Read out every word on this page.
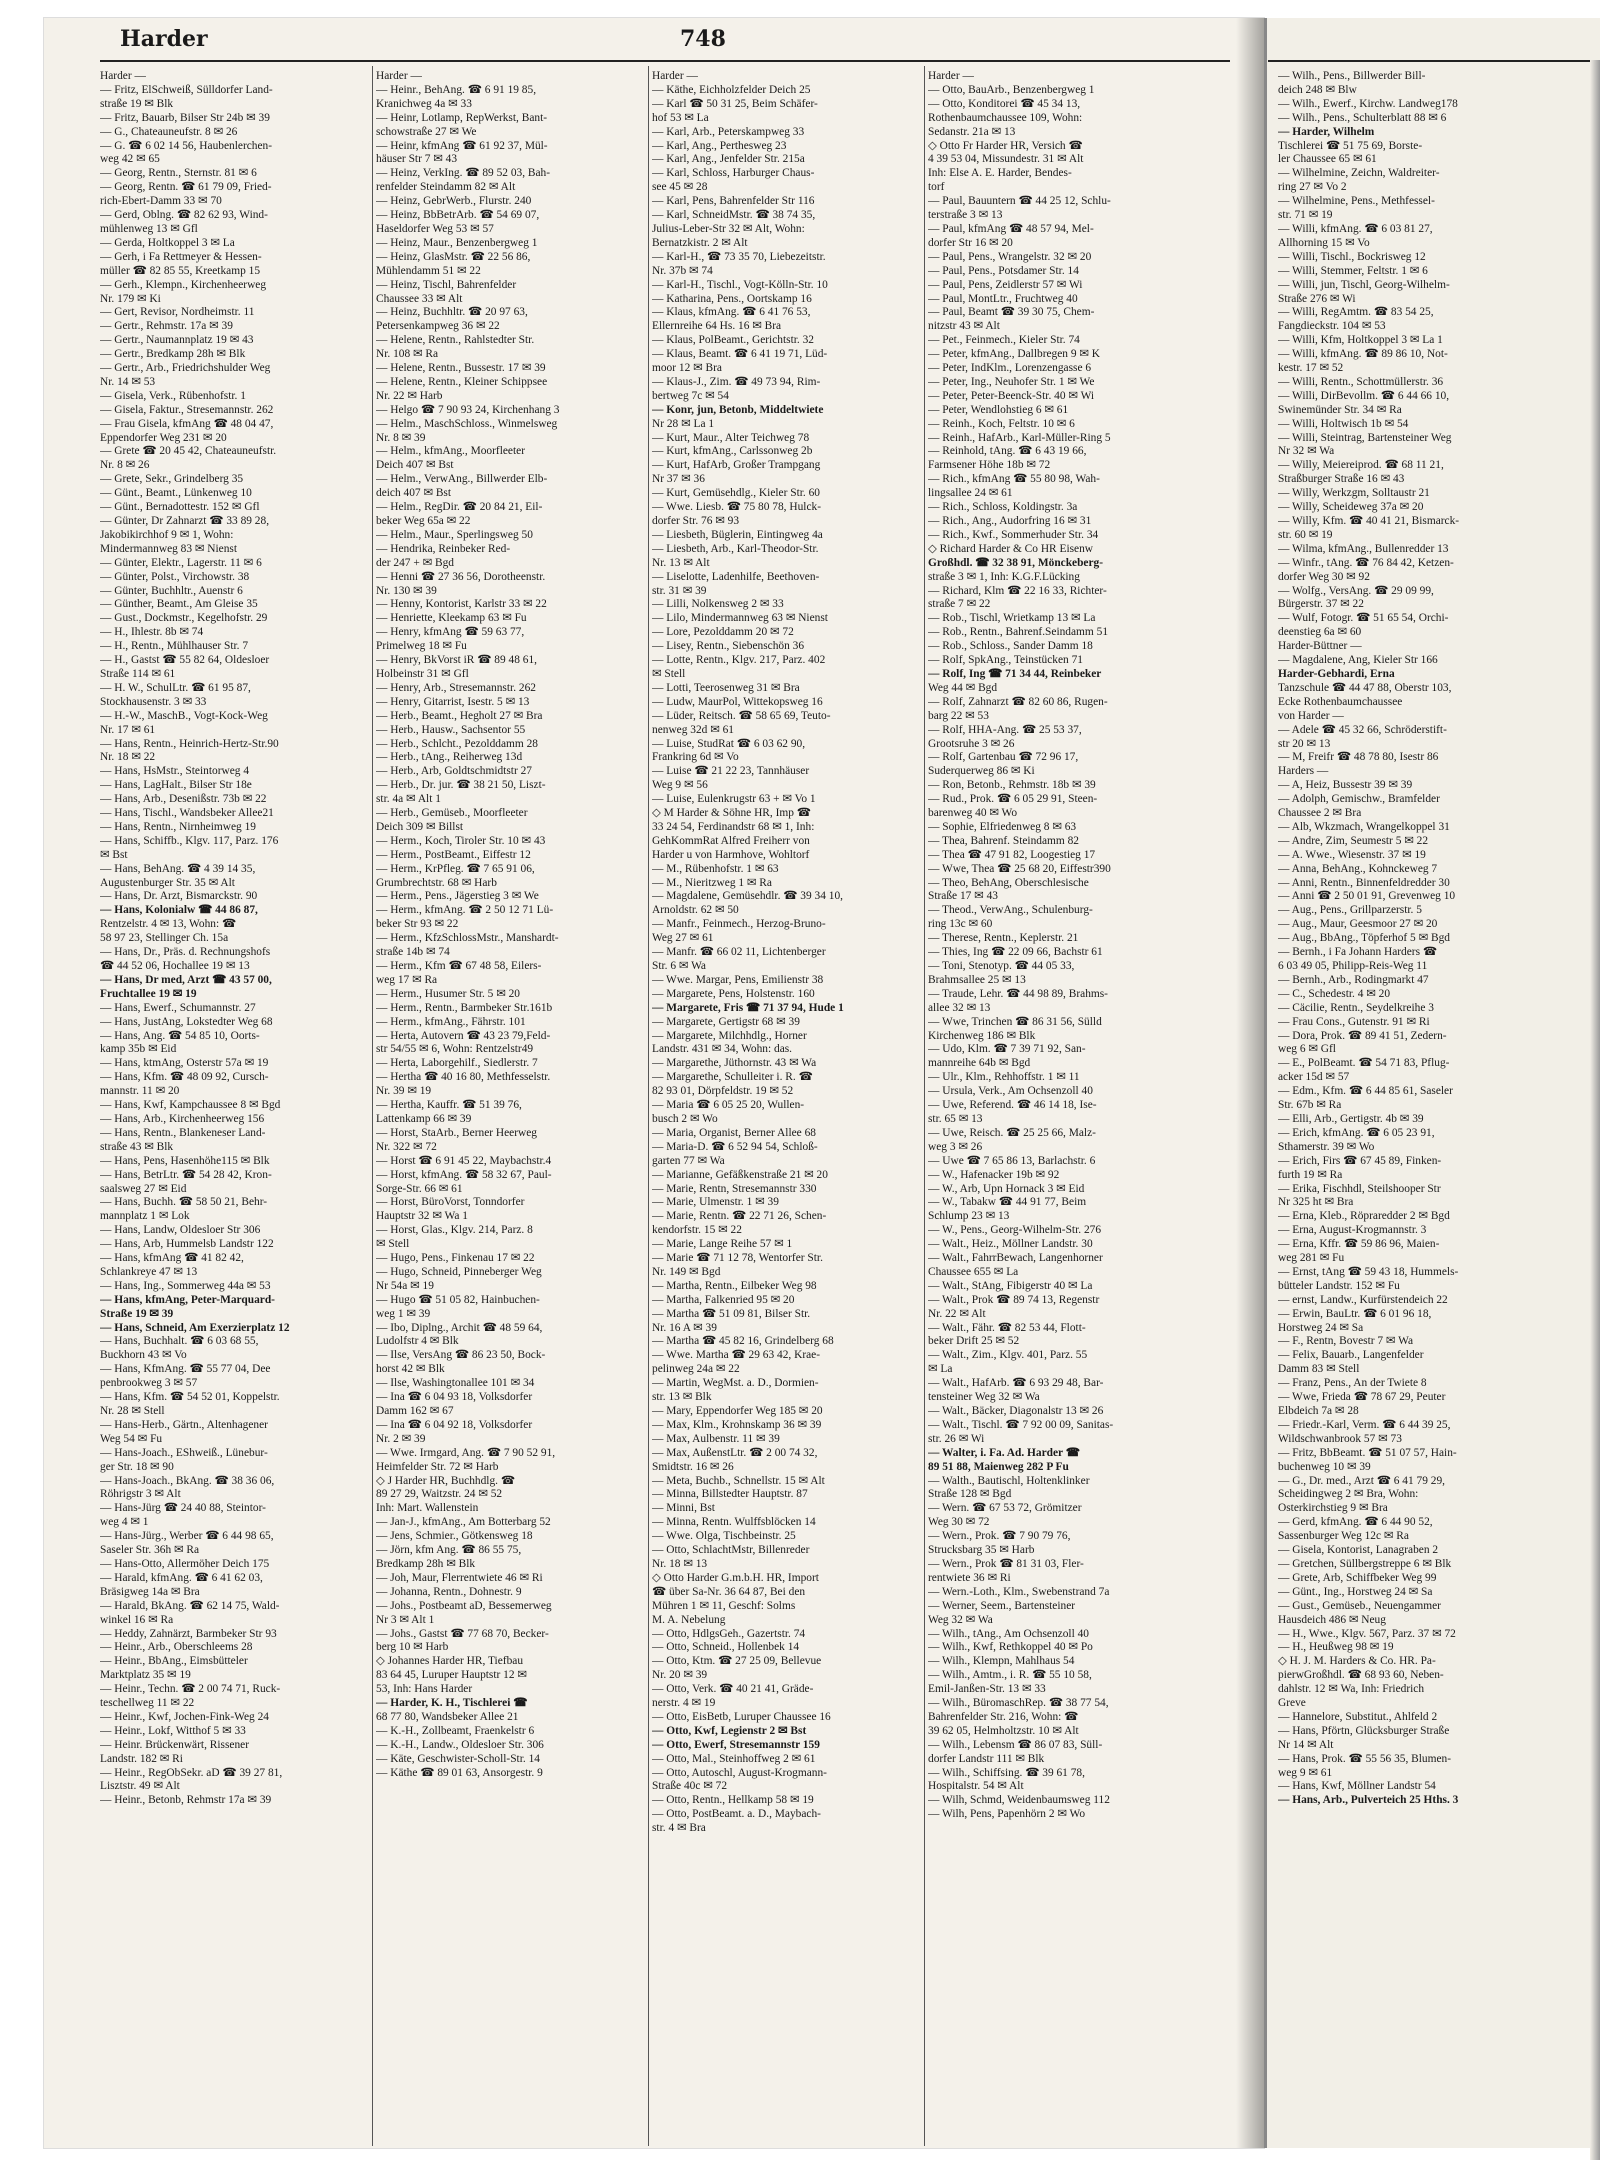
Harder	748
Harder —
— Fritz, ElSchweiß, Sülldorfer Land-
straße 19 ✉ Blk
— Fritz, Bauarb, Bilser Str 24b ✉ 39
— G., Chateauneufstr. 8 ✉ 26
— G. ☎ 6 02 14 56, Haubenlerchen-
weg 42 ✉ 65
— Georg, Rentn., Sternstr. 81 ✉ 6
— Georg, Rentn. ☎ 61 79 09, Fried-
rich-Ebert-Damm 33 ✉ 70
— Gerd, Oblng. ☎ 82 62 93, Wind-
mühlenweg 13 ✉ Gfl
— Gerda, Holtkoppel 3 ✉ La
— Gerh, i Fa Rettmeyer & Hessen-
müller ☎ 82 85 55, Kreetkamp 15
— Gerh., Klempn., Kirchenheerweg
Nr. 179 ✉ Ki
— Gert, Revisor, Nordheimstr. 11
— Gertr., Rehmstr. 17a ✉ 39
— Gertr., Naumannplatz 19 ✉ 43
— Gertr., Bredkamp 28h ✉ Blk
— Gertr., Arb., Friedrichshulder Weg
Nr. 14 ✉ 53
— Gisela, Verk., Rübenhofstr. 1
— Gisela, Faktur., Stresemannstr. 262
— Frau Gisela, kfmAng ☎ 48 04 47,
Eppendorfer Weg 231 ✉ 20
— Grete ☎ 20 45 42, Chateauneufstr.
Nr. 8 ✉ 26
— Grete, Sekr., Grindelberg 35
— Günt., Beamt., Lünkenweg 10
— Günt., Bernadottestr. 152 ✉ Gfl
— Günter, Dr Zahnarzt ☎ 33 89 28,
Jakobikirchhof 9 ✉ 1, Wohn:
Mindermannweg 83 ✉ Nienst
— Günter, Elektr., Lagerstr. 11 ✉ 6
— Günter, Polst., Virchowstr. 38
— Günter, Buchhltr., Auenstr 6
— Günther, Beamt., Am Gleise 35
— Gust., Dockmstr., Kegelhofstr. 29
— H., Ihlestr. 8b ✉ 74
— H., Rentn., Mühlhauser Str. 7
— H., Gastst ☎ 55 82 64, Oldesloer
Straße 114 ✉ 61
— H. W., SchulLtr. ☎ 61 95 87,
Stockhausenstr. 3 ✉ 33
— H.-W., MaschB., Vogt-Kock-Weg
Nr. 17 ✉ 61
— Hans, Rentn., Heinrich-Hertz-Str.90
Nr. 18 ✉ 22
— Hans, HsMstr., Steintorweg 4
— Hans, LagHalt., Bilser Str 18e
— Hans, Arb., Desenißstr. 73b ✉ 22
— Hans, Tischl., Wandsbeker Allee21
— Hans, Rentn., Nirnheimweg 19
— Hans, Schiffb., Klgv. 117, Parz. 176
✉ Bst
— Hans, BehAng. ☎ 4 39 14 35,
Augustenburger Str. 35 ✉ Alt
— Hans, Dr. Arzt, Bismarckstr. 90
— Hans, Kolonialw ☎ 44 86 87,
Rentzelstr. 4 ✉ 13, Wohn: ☎
58 97 23, Stellinger Ch. 15a
— Hans, Dr., Präs. d. Rechnungshofs
☎ 44 52 06, Hochallee 19 ✉ 13
— Hans, Dr med, Arzt ☎ 43 57 00,
Fruchtallee 19 ✉ 19
— Hans, Ewerf., Schumannstr. 27
— Hans, JustAng, Lokstedter Weg 68
— Hans, Ang. ☎ 54 85 10, Oorts-
kamp 35b ✉ Eid
— Hans, ktmAng, Osterstr 57a ✉ 19
— Hans, Kfm. ☎ 48 09 92, Cursch-
mannstr. 11 ✉ 20
— Hans, Kwf, Kampchaussee 8 ✉ Bgd
— Hans, Arb., Kirchenheerweg 156
— Hans, Rentn., Blankeneser Land-
straße 43 ✉ Blk
— Hans, Pens, Hasenhöhe115 ✉ Blk
— Hans, BetrLtr. ☎ 54 28 42, Kron-
saalsweg 27 ✉ Eid
— Hans, Buchh. ☎ 58 50 21, Behr-
mannplatz 1 ✉ Lok
— Hans, Landw, Oldesloer Str 306
— Hans, Arb, Hummelsb Landstr 122
— Hans, kfmAng ☎ 41 82 42,
Schlankreye 47 ✉ 13
— Hans, Ing., Sommerweg 44a ✉ 53
— Hans, kfmAng, Peter-Marquard-
Straße 19 ✉ 39
— Hans, Schneid, Am Exerzierplatz 12
— Hans, Buchhalt. ☎ 6 03 68 55,
Buckhorn 43 ✉ Vo
— Hans, KfmAng. ☎ 55 77 04, Dee
penbrookweg 3 ✉ 57
— Hans, Kfm. ☎ 54 52 01, Koppelstr.
Nr. 28 ✉ Stell
— Hans-Herb., Gärtn., Altenhagener
Weg 54 ✉ Fu
— Hans-Joach., EShweiß., Lünebur-
ger Str. 18 ✉ 90
— Hans-Joach., BkAng. ☎ 38 36 06,
Röhrigstr 3 ✉ Alt
— Hans-Jürg ☎ 24 40 88, Steintor-
weg 4 ✉ 1
— Hans-Jürg., Werber ☎ 6 44 98 65,
Saseler Str. 36h ✉ Ra
— Hans-Otto, Allermöher Deich 175
— Harald, kfmAng. ☎ 6 41 62 03,
Bräsigweg 14a ✉ Bra
— Harald, BkAng. ☎ 62 14 75, Wald-
winkel 16 ✉ Ra
— Heddy, Zahnärzt, Barmbeker Str 93
— Heinr., Arb., Oberschleems 28
— Heinr., BbAng., Eimsbütteler
Marktplatz 35 ✉ 19
— Heinr., Techn. ☎ 2 00 74 71, Ruck-
teschellweg 11 ✉ 22
— Heinr., Kwf, Jochen-Fink-Weg 24
— Heinr., Lokf, Witthof 5 ✉ 33
— Heinr. Brückenwärt, Rissener
Landstr. 182 ✉ Ri
— Heinr., RegObSekr. aD ☎ 39 27 81,
Lisztstr. 49 ✉ Alt
— Heinr., Betonb, Rehmstr 17a ✉ 39
Harder —
— Heinr., BehAng. ☎ 6 91 19 85,
Kranichweg 4a ✉ 33
— Heinr, Lotlamp, RepWerkst, Bant-
schowstraße 27 ✉ We
— Heinr, kfmAng ☎ 61 92 37, Mül-
häuser Str 7 ✉ 43
— Heinz, VerkIng. ☎ 89 52 03, Bah-
renfelder Steindamm 82 ✉ Alt
— Heinz, GebrWerb., Flurstr. 240
— Heinz, BbBetrArb. ☎ 54 69 07,
Haseldorfer Weg 53 ✉ 57
— Heinz, Maur., Benzenbergweg 1
— Heinz, GlasMstr. ☎ 22 56 86,
Mühlendamm 51 ✉ 22
— Heinz, Tischl, Bahrenfelder
Chaussee 33 ✉ Alt
— Heinz, Buchhltr. ☎ 20 97 63,
Petersenkampweg 36 ✉ 22
— Helene, Rentn., Rahlstedter Str.
Nr. 108 ✉ Ra
— Helene, Rentn., Bussestr. 17 ✉ 39
— Helene, Rentn., Kleiner Schippsee
Nr. 22 ✉ Harb
— Helgo ☎ 7 90 93 24, Kirchenhang 3
— Helm., MaschSchloss., Winmelsweg
Nr. 8 ✉ 39
— Helm., kfmAng., Moorfleeter
Deich 407 ✉ Bst
— Helm., VerwAng., Billwerder Elb-
deich 407 ✉ Bst
— Helm., RegDir. ☎ 20 84 21, Eil-
beker Weg 65a ✉ 22
— Helm., Maur., Sperlingsweg 50
— Hendrika, Reinbeker Red-
der 247 + ✉ Bgd
— Henni ☎ 27 36 56, Dorotheenstr.
Nr. 130 ✉ 39
— Henny, Kontorist, Karlstr 33 ✉ 22
— Henriette, Kleekamp 63 ✉ Fu
— Henry, kfmAng ☎ 59 63 77,
Primelweg 18 ✉ Fu
— Henry, BkVorst iR ☎ 89 48 61,
Holbeinstr 31 ✉ Gfl
— Henry, Arb., Stresemannstr. 262
— Henry, Gitarrist, Isestr. 5 ✉ 13
— Herb., Beamt., Hegholt 27 ✉ Bra
— Herb., Hausw., Sachsentor 55
— Herb., Schlcht., Pezolddamm 28
— Herb., tAng., Reiherweg 13d
— Herb., Arb, Goldtschmidtstr 27
— Herb., Dr. jur. ☎ 38 21 50, Liszt-
str. 4a ✉ Alt 1
— Herb., Gemüseb., Moorfleeter
Deich 309 ✉ Billst
— Herm., Koch, Tiroler Str. 10 ✉ 43
— Herm., PostBeamt., Eiffestr 12
— Herm., KrPfleg. ☎ 7 65 91 06,
Grumbrechtstr. 68 ✉ Harb
— Herm., Pens., Jägerstieg 3 ✉ We
— Herm., kfmAng. ☎ 2 50 12 71 Lü-
beker Str 93 ✉ 22
— Herm., KfzSchlossMstr., Manshardt-
straße 14b ✉ 74
— Herm., Kfm ☎ 67 48 58, Eilers-
weg 17 ✉ Ra
— Herm., Husumer Str. 5 ✉ 20
— Herm., Rentn., Barmbeker Str.161b
— Herm., kfmAng., Fährstr. 101
— Herta, Autovern ☎ 43 23 79,Feld-
str 54/55 ✉ 6, Wohn: Rentzelstr49
— Herta, Laborgehilf., Siedlerstr. 7
— Hertha ☎ 40 16 80, Methfesselstr.
Nr. 39 ✉ 19
— Hertha, Kauffr. ☎ 51 39 76,
Lattenkamp 66 ✉ 39
— Horst, StaArb., Berner Heerweg
Nr. 322 ✉ 72
— Horst ☎ 6 91 45 22, Maybachstr.4
— Horst, kfmAng. ☎ 58 32 67, Paul-
Sorge-Str. 66 ✉ 61
— Horst, BüroVorst, Tonndorfer
Hauptstr 32 ✉ Wa 1
— Horst, Glas., Klgv. 214, Parz. 8
✉ Stell
— Hugo, Pens., Finkenau 17 ✉ 22
— Hugo, Schneid, Pinneberger Weg
Nr 54a ✉ 19
— Hugo ☎ 51 05 82, Hainbuchen-
weg 1 ✉ 39
— Ibo, Diplng., Archit ☎ 48 59 64,
Ludolfstr 4 ✉ Blk
— Ilse, VersAng ☎ 86 23 50, Bock-
horst 42 ✉ Blk
— Ilse, Washingtonallee 101 ✉ 34
— Ina ☎ 6 04 93 18, Volksdorfer
Damm 162 ✉ 67
— Ina ☎ 6 04 92 18, Volksdorfer
Nr. 2 ✉ 39
— Wwe. Irmgard, Ang. ☎ 7 90 52 91,
Heimfelder Str. 72 ✉ Harb
◇ J Harder HR, Buchhdlg. ☎
89 27 29, Waitzstr. 24 ✉ 52
Inh: Mart. Wallenstein
— Jan-J., kfmAng., Am Botterbarg 52
— Jens, Schmier., Götkensweg 18
— Jörn, kfm Ang. ☎ 86 55 75,
Bredkamp 28h ✉ Blk
— Joh, Maur, Flerrentwiete 46 ✉ Ri
— Johanna, Rentn., Dohnestr. 9
— Johs., Postbeamt aD, Bessemerweg
Nr 3 ✉ Alt 1
— Johs., Gastst ☎ 77 68 70, Becker-
berg 10 ✉ Harb
◇ Johannes Harder HR, Tiefbau
83 64 45, Luruper Hauptstr 12 ✉
53, Inh: Hans Harder
— Harder, K. H., Tischlerei ☎
68 77 80, Wandsbeker Allee 21
— K.-H., Zollbeamt, Fraenkelstr 6
— K.-H., Landw., Oldesloer Str. 306
— Käte, Geschwister-Scholl-Str. 14
— Käthe ☎ 89 01 63, Ansorgestr. 9
Harder —
— Käthe, Eichholzfelder Deich 25
— Karl ☎ 50 31 25, Beim Schäfer-
hof 53 ✉ La
— Karl, Arb., Peterskampweg 33
— Karl, Ang., Perthesweg 23
— Karl, Ang., Jenfelder Str. 215a
— Karl, Schloss, Harburger Chaus-
see 45 ✉ 28
— Karl, Pens, Bahrenfelder Str 116
— Karl, SchneidMstr. ☎ 38 74 35,
Julius-Leber-Str 32 ✉ Alt, Wohn:
Bernatzkistr. 2 ✉ Alt
— Karl-H., ☎ 73 35 70, Liebezeitstr.
Nr. 37b ✉ 74
— Karl-H., Tischl., Vogt-Kölln-Str. 10
— Katharina, Pens., Oortskamp 16
— Klaus, kfmAng. ☎ 6 41 76 53,
Ellernreihe 64 Hs. 16 ✉ Bra
— Klaus, PolBeamt., Gerichtstr. 32
— Klaus, Beamt. ☎ 6 41 19 71, Lüd-
moor 12 ✉ Bra
— Klaus-J., Zim. ☎ 49 73 94, Rim-
bertweg 7c ✉ 54
— Konr, jun, Betonb, Middeltwiete
Nr 28 ✉ La 1
— Kurt, Maur., Alter Teichweg 78
— Kurt, kfmAng., Carlssonweg 2b
— Kurt, HafArb, Großer Trampgang
Nr 37 ✉ 36
— Kurt, Gemüsehdlg., Kieler Str. 60
— Wwe. Liesb. ☎ 75 80 78, Hulck-
dorfer Str. 76 ✉ 93
— Liesbeth, Büglerin, Eintingweg 4a
— Liesbeth, Arb., Karl-Theodor-Str.
Nr. 13 ✉ Alt
— Liselotte, Ladenhilfe, Beethoven-
str. 31 ✉ 39
— Lilli, Nolkensweg 2 ✉ 33
— Lilo, Mindermannweg 63 ✉ Nienst
— Lore, Pezolddamm 20 ✉ 72
— Lisey, Rentn., Siebenschön 36
— Lotte, Rentn., Klgv. 217, Parz. 402
✉ Stell
— Lotti, Teerosenweg 31 ✉ Bra
— Ludw, MaurPol, Wittekopsweg 16
— Lüder, Reitsch. ☎ 58 65 69, Teuto-
nenweg 32d ✉ 61
— Luise, StudRat ☎ 6 03 62 90,
Frankring 6d ✉ Vo
— Luise ☎ 21 22 23, Tannhäuser
Weg 9 ✉ 56
— Luise, Eulenkrugstr 63 + ✉ Vo 1
◇ M Harder & Söhne HR, Imp ☎
33 24 54, Ferdinandstr 68 ✉ 1, Inh:
GehKommRat Alfred Freiherr von
Harder u von Harmhove, Wohltorf
— M., Rübenhofstr. 1 ✉ 63
— M., Nieritzweg 1 ✉ Ra
— Magdalene, Gemüsehdlr. ☎ 39 34 10,
Arnoldstr. 62 ✉ 50
— Manfr., Feinmech., Herzog-Bruno-
Weg 27 ✉ 61
— Manfr. ☎ 66 02 11, Lichtenberger
Str. 6 ✉ Wa
— Wwe. Margar, Pens, Emilienstr 38
— Margarete, Pens, Holstenstr. 160
— Margarete, Fris ☎ 71 37 94, Hude 1
— Margarete, Gertigstr 68 ✉ 39
— Margarete, Milchhdlg., Horner
Landstr. 431 ✉ 34, Wohn: das.
— Margarethe, Jüthornstr. 43 ✉ Wa
— Margarethe, Schulleiter i. R. ☎
82 93 01, Dörpfeldstr. 19 ✉ 52
— Maria ☎ 6 05 25 20, Wullen-
busch 2 ✉ Wo
— Maria, Organist, Berner Allee 68
— Maria-D. ☎ 6 52 94 54, Schloß-
garten 77 ✉ Wa
— Marianne, Gefäßkenstraße 21 ✉ 20
— Marie, Rentn, Stresemannstr 330
— Marie, Ulmenstr. 1 ✉ 39
— Marie, Rentn. ☎ 22 71 26, Schen-
kendorfstr. 15 ✉ 22
— Marie, Lange Reihe 57 ✉ 1
— Marie ☎ 71 12 78, Wentorfer Str.
Nr. 149 ✉ Bgd
— Martha, Rentn., Eilbeker Weg 98
— Martha, Falkenried 95 ✉ 20
— Martha ☎ 51 09 81, Bilser Str.
Nr. 16 A ✉ 39
— Martha ☎ 45 82 16, Grindelberg 68
— Wwe. Martha ☎ 29 63 42, Krae-
pelinweg 24a ✉ 22
— Martin, WegMst. a. D., Dormien-
str. 13 ✉ Blk
— Mary, Eppendorfer Weg 185 ✉ 20
— Max, Klm., Krohnskamp 36 ✉ 39
— Max, Aulbenstr. 11 ✉ 39
— Max, AußenstLtr. ☎ 2 00 74 32,
Smidtstr. 16 ✉ 26
— Meta, Buchb., Schnellstr. 15 ✉ Alt
— Minna, Billstedter Hauptstr. 87
— Minni, Bst
— Minna, Rentn. Wulffsblöcken 14
— Wwe. Olga, Tischbeinstr. 25
— Otto, SchlachtMstr, Billenreder
Nr. 18 ✉ 13
◇ Otto Harder G.m.b.H. HR, Import
☎ über Sa-Nr. 36 64 87, Bei den
Mühren 1 ✉ 11, Geschf: Solms
M. A. Nebelung
— Otto, HdlgsGeh., Gazertstr. 74
— Otto, Schneid., Hollenbek 14
— Otto, Ktm. ☎ 27 25 09, Bellevue
Nr. 20 ✉ 39
— Otto, Verk. ☎ 40 21 41, Gräde-
nerstr. 4 ✉ 19
— Otto, EisBetb, Luruper Chaussee 16
— Otto, Kwf, Legienstr 2 ✉ Bst
— Otto, Ewerf, Stresemannstr 159
— Otto, Mal., Steinhoffweg 2 ✉ 61
— Otto, Autoschl, August-Krogmann-
Straße 40c ✉ 72
— Otto, Rentn., Hellkamp 58 ✉ 19
— Otto, PostBeamt. a. D., Maybach-
str. 4 ✉ Bra
Harder —
— Otto, BauArb., Benzenbergweg 1
— Otto, Konditorei ☎ 45 34 13,
Rothenbaumchaussee 109, Wohn:
Sedanstr. 21a ✉ 13
◇ Otto Fr Harder HR, Versich ☎
4 39 53 04, Missundestr. 31 ✉ Alt
Inh: Else A. E. Harder, Bendes-
torf
— Paul, Bauuntern ☎ 44 25 12, Schlu-
terstraße 3 ✉ 13
— Paul, kfmAng ☎ 48 57 94, Mel-
dorfer Str 16 ✉ 20
— Paul, Pens., Wrangelstr. 32 ✉ 20
— Paul, Pens., Potsdamer Str. 14
— Paul, Pens, Zeidlerstr 57 ✉ Wi
— Paul, MontLtr., Fruchtweg 40
— Paul, Beamt ☎ 39 30 75, Chem-
nitzstr 43 ✉ Alt
— Pet., Feinmech., Kieler Str. 74
— Peter, kfmAng., Dallbregen 9 ✉ K
— Peter, IndKlm., Lorenzengasse 6
— Peter, Ing., Neuhofer Str. 1 ✉ We
— Peter, Peter-Beenck-Str. 40 ✉ Wi
— Peter, Wendlohstieg 6 ✉ 61
— Reinh., Koch, Feltstr. 10 ✉ 6
— Reinh., HafArb., Karl-Müller-Ring 5
— Reinhold, tAng. ☎ 6 43 19 66,
Farmsener Höhe 18b ✉ 72
— Rich., kfmAng ☎ 55 80 98, Wah-
lingsallee 24 ✉ 61
— Rich., Schloss, Koldingstr. 3a
— Rich., Ang., Audorfring 16 ✉ 31
— Rich., Kwf., Sommerhuder Str. 34
◇ Richard Harder & Co HR Eisenw
Großhdl. ☎ 32 38 91, Mönckeberg-
straße 3 ✉ 1, Inh: K.G.F.Lücking
— Richard, Klm ☎ 22 16 33, Richter-
straße 7 ✉ 22
— Rob., Tischl, Wrietkamp 13 ✉ La
— Rob., Rentn., Bahrenf.Seindamm 51
— Rob., Schloss., Sander Damm 18
— Rolf, SpkAng., Teinstücken 71
— Rolf, Ing ☎ 71 34 44, Reinbeker
Weg 44 ✉ Bgd
— Rolf, Zahnarzt ☎ 82 60 86, Rugen-
barg 22 ✉ 53
— Rolf, HHA-Ang. ☎ 25 53 37,
Grootsruhe 3 ✉ 26
— Rolf, Gartenbau ☎ 72 96 17,
Suderquerweg 86 ✉ Ki
— Ron, Betonb., Rehmstr. 18b ✉ 39
— Rud., Prok. ☎ 6 05 29 91, Steen-
barenweg 40 ✉ Wo
— Sophie, Elfriedenweg 8 ✉ 63
— Thea, Bahrenf. Steindamm 82
— Thea ☎ 47 91 82, Loogestieg 17
— Wwe, Thea ☎ 25 68 20, Eiffestr390
— Theo, BehAng, Oberschlesische
Straße 17 ✉ 43
— Theod., VerwAng., Schulenburg-
ring 13c ✉ 60
— Therese, Rentn., Keplerstr. 21
— Thies, Ing ☎ 22 09 66, Bachstr 61
— Toni, Stenotyp. ☎ 44 05 33,
Brahmsallee 25 ✉ 13
— Traude, Lehr. ☎ 44 98 89, Brahms-
allee 32 ✉ 13
— Wwe, Trinchen ☎ 86 31 56, Sülld
Kirchenweg 186 ✉ Blk
— Udo, Klm. ☎ 7 39 71 92, San-
mannreihe 64b ✉ Bgd
— Ulr., Klm., Rehhoffstr. 1 ✉ 11
— Ursula, Verk., Am Ochsenzoll 40
— Uwe, Referend. ☎ 46 14 18, Ise-
str. 65 ✉ 13
— Uwe, Reisch. ☎ 25 25 66, Malz-
weg 3 ✉ 26
— Uwe ☎ 7 65 86 13, Barlachstr. 6
— W., Hafenacker 19b ✉ 92
— W., Arb, Upn Hornack 3 ✉ Eid
— W., Tabakw ☎ 44 91 77, Beim
Schlump 23 ✉ 13
— W., Pens., Georg-Wilhelm-Str. 276
— Walt., Heiz., Möllner Landstr. 30
— Walt., FahrrBewach, Langenhorner
Chaussee 655 ✉ La
— Walt., StAng, Fibigerstr 40 ✉ La
— Walt., Prok ☎ 89 74 13, Regenstr
Nr. 22 ✉ Alt
— Walt., Fähr. ☎ 82 53 44, Flott-
beker Drift 25 ✉ 52
— Walt., Zim., Klgv. 401, Parz. 55
✉ La
— Walt., HafArb. ☎ 6 93 29 48, Bar-
tensteiner Weg 32 ✉ Wa
— Walt., Bäcker, Diagonalstr 13 ✉ 26
— Walt., Tischl. ☎ 7 92 00 09, Sanitas-
str. 26 ✉ Wi
— Walter, i. Fa. Ad. Harder ☎
89 51 88, Maienweg 282 P Fu
— Walth., Bautischl, Holtenklinker
Straße 128 ✉ Bgd
— Wern. ☎ 67 53 72, Grömitzer
Weg 30 ✉ 72
— Wern., Prok. ☎ 7 90 79 76,
Strucksbarg 35 ✉ Harb
— Wern., Prok ☎ 81 31 03, Fler-
rentwiete 36 ✉ Ri
— Wern.-Loth., Klm., Swebenstrand 7a
— Werner, Seem., Bartensteiner
Weg 32 ✉ Wa
— Wilh., tAng., Am Ochsenzoll 40
— Wilh., Kwf, Rethkoppel 40 ✉ Po
— Wilh., Klempn, Mahlhaus 54
— Wilh., Amtm., i. R. ☎ 55 10 58,
Emil-Janßen-Str. 13 ✉ 33
— Wilh., BüromaschRep. ☎ 38 77 54,
Bahrenfelder Str. 216, Wohn: ☎
39 62 05, Helmholtzstr. 10 ✉ Alt
— Wilh., Lebensm ☎ 86 07 83, Süll-
dorfer Landstr 111 ✉ Blk
— Wilh., Schiffsing. ☎ 39 61 78,
Hospitalstr. 54 ✉ Alt
— Wilh, Schmd, Weidenbaumsweg 112
— Wilh, Pens, Papenhörn 2 ✉ Wo
— Wilh., Pens., Billwerder Bill-
deich 248 ✉ Blw
— Wilh., Ewerf., Kirchw. Landweg178
— Wilh., Pens., Schulterblatt 88 ✉ 6
— Harder, Wilhelm
Tischlerei ☎ 51 75 69, Borste-
ler Chaussee 65 ✉ 61
— Wilhelmine, Zeichn, Waldreiter-
ring 27 ✉ Vo 2
— Wilhelmine, Pens., Methfessel-
str. 71 ✉ 19
— Willi, kfmAng. ☎ 6 03 81 27,
Allhorning 15 ✉ Vo
— Willi, Tischl., Bockrisweg 12
— Willi, Stemmer, Feltstr. 1 ✉ 6
— Willi, jun, Tischl, Georg-Wilhelm-
Straße 276 ✉ Wi
— Willi, RegAmtm. ☎ 83 54 25,
Fangdieckstr. 104 ✉ 53
— Willi, Kfm, Holtkoppel 3 ✉ La 1
— Willi, kfmAng. ☎ 89 86 10, Not-
kestr. 17 ✉ 52
— Willi, Rentn., Schottmüllerstr. 36
— Willi, DirBevollm. ☎ 6 44 66 10,
Swinemünder Str. 34 ✉ Ra
— Willi, Holtwisch 1b ✉ 54
— Willi, Steintrag, Bartensteiner Weg
Nr 32 ✉ Wa
— Willy, Meiereiprod. ☎ 68 11 21,
Straßburger Straße 16 ✉ 43
— Willy, Werkzgm, Solltaustr 21
— Willy, Scheideweg 37a ✉ 20
— Willy, Kfm. ☎ 40 41 21, Bismarck-
str. 60 ✉ 19
— Wilma, kfmAng., Bullenredder 13
— Winfr., tAng. ☎ 76 84 42, Ketzen-
dorfer Weg 30 ✉ 92
— Wolfg., VersAng. ☎ 29 09 99,
Bürgerstr. 37 ✉ 22
— Wulf, Fotogr. ☎ 51 65 54, Orchi-
deenstieg 6a ✉ 60
Harder-Büttner —
— Magdalene, Ang, Kieler Str 166
Harder-Gebhardi, Erna
Tanzschule ☎ 44 47 88, Oberstr 103,
Ecke Rothenbaumchaussee
von Harder —
— Adele ☎ 45 32 66, Schröderstift-
str 20 ✉ 13
— M, Freifr ☎ 48 78 80, Isestr 86
Harders —
— A, Heiz, Bussestr 39 ✉ 39
— Adolph, Gemischw., Bramfelder
Chaussee 2 ✉ Bra
— Alb, Wkzmach, Wrangelkoppel 31
— Andre, Zim, Seumestr 5 ✉ 22
— A. Wwe., Wiesenstr. 37 ✉ 19
— Anna, BehAng., Kohnckeweg 7
— Anni, Rentn., Binnenfeldredder 30
— Anni ☎ 2 50 01 91, Grevenweg 10
— Aug., Pens., Grillparzerstr. 5
— Aug., Maur, Geesmoor 27 ✉ 20
— Aug., BbAng., Töpferhof 5 ✉ Bgd
— Bernh., i Fa Johann Harders ☎
6 03 49 05, Philipp-Reis-Weg 11
— Bernh., Arb., Rodingmarkt 47
— C., Schedestr. 4 ✉ 20
— Cäcilie, Rentn., Seydelkreihe 3
— Frau Cons., Gutenstr. 91 ✉ Ri
— Dora, Prok. ☎ 89 41 51, Zedern-
weg 6 ✉ Gfl
— E., PolBeamt. ☎ 54 71 83, Pflug-
acker 15d ✉ 57
— Edm., Kfm. ☎ 6 44 85 61, Saseler
Str. 67b ✉ Ra
— Elli, Arb., Gertigstr. 4b ✉ 39
— Erich, kfmAng. ☎ 6 05 23 91,
Sthamerstr. 39 ✉ Wo
— Erich, Firs ☎ 67 45 89, Finken-
furth 19 ✉ Ra
— Erika, Fischhdl, Steilshooper Str
Nr 325 ht ✉ Bra
— Erna, Kleb., Röpraredder 2 ✉ Bgd
— Erna, August-Krogmannstr. 3
— Erna, Kffr. ☎ 59 86 96, Maien-
weg 281 ✉ Fu
— Ernst, tAng ☎ 59 43 18, Hummels-
bütteler Landstr. 152 ✉ Fu
— ernst, Landw., Kurfürstendeich 22
— Erwin, BauLtr. ☎ 6 01 96 18,
Horstweg 24 ✉ Sa
— F., Rentn, Bovestr 7 ✉ Wa
— Felix, Bauarb., Langenfelder
Damm 83 ✉ Stell
— Franz, Pens., An der Twiete 8
— Wwe, Frieda ☎ 78 67 29, Peuter
Elbdeich 7a ✉ 28
— Friedr.-Karl, Verm. ☎ 6 44 39 25,
Wildschwanbrook 57 ✉ 73
— Fritz, BbBeamt. ☎ 51 07 57, Hain-
buchenweg 10 ✉ 39
— G., Dr. med., Arzt ☎ 6 41 79 29,
Scheidingweg 2 ✉ Bra, Wohn:
Osterkirchstieg 9 ✉ Bra
— Gerd, kfmAng. ☎ 6 44 90 52,
Sassenburger Weg 12c ✉ Ra
— Gisela, Kontorist, Lanagraben 2
— Gretchen, Süllbergstreppe 6 ✉ Blk
— Grete, Arb, Schiffbeker Weg 99
— Günt., Ing., Horstweg 24 ✉ Sa
— Gust., Gemüseb., Neuengammer
Hausdeich 486 ✉ Neug
— H., Wwe., Klgv. 567, Parz. 37 ✉ 72
— H., Heußweg 98 ✉ 19
◇ H. J. M. Harders & Co. HR. Pa-
pierwGroßhdl. ☎ 68 93 60, Neben-
dahlstr. 12 ✉ Wa, Inh: Friedrich
Greve
— Hannelore, Substitut., Ahlfeld 2
— Hans, Pförtn, Glücksburger Straße
Nr 14 ✉ Alt
— Hans, Prok. ☎ 55 56 35, Blumen-
weg 9 ✉ 61
— Hans, Kwf, Möllner Landstr 54
— Hans, Arb., Pulverteich 25 Hths. 3
